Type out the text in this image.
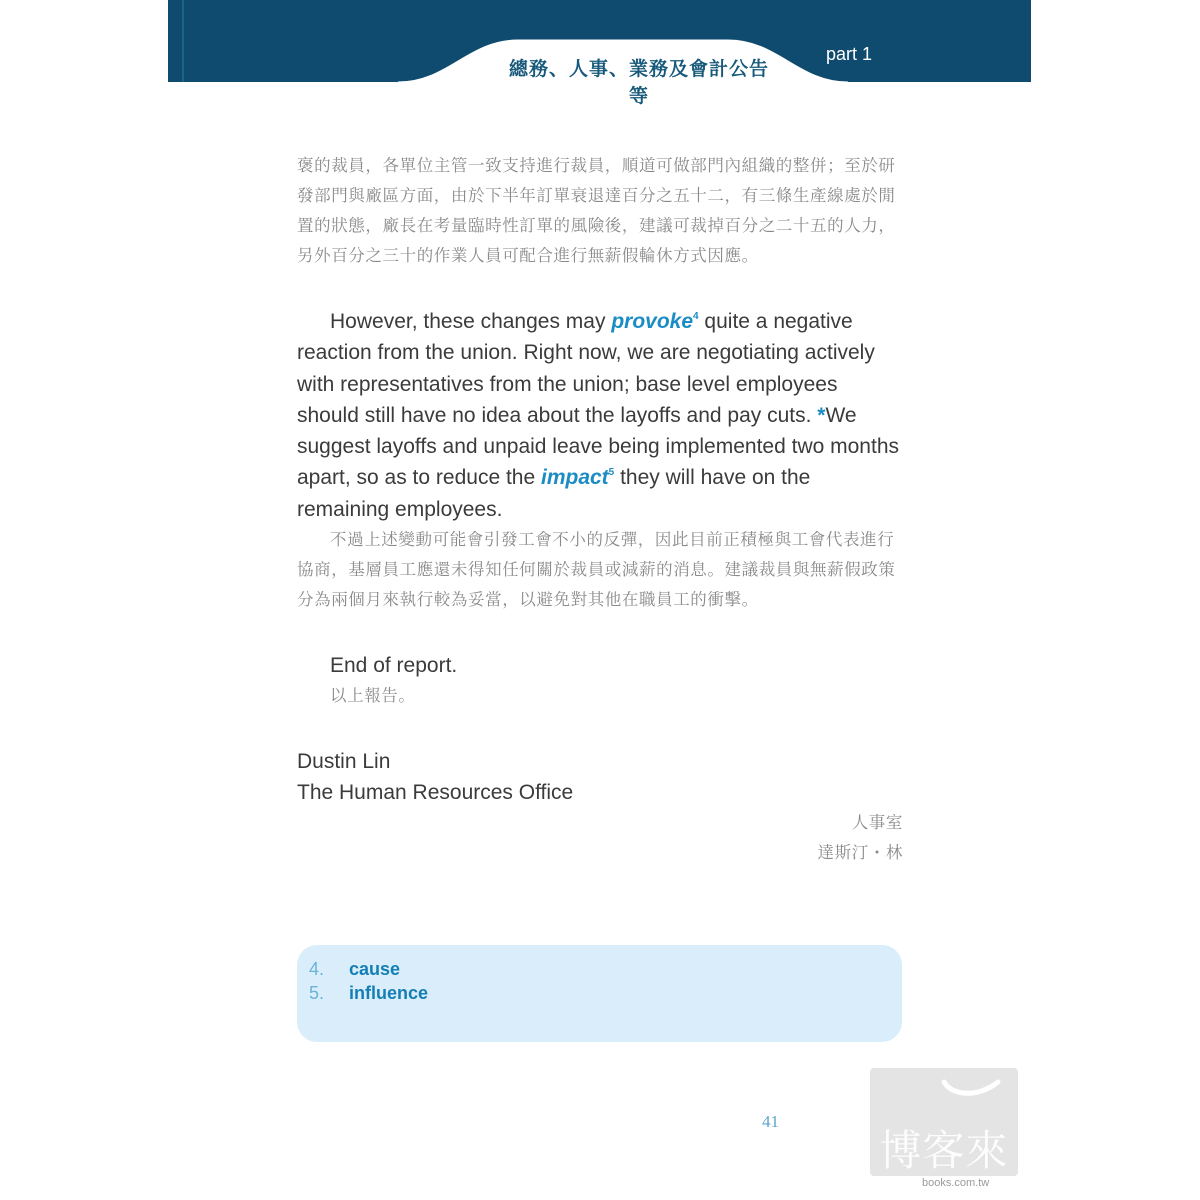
總務、人事、業務及會計公告等
part 1
褒的裁員，各單位主管一致支持進行裁員，順道可做部門內組織的整併；至於研發部門與廠區方面，由於下半年訂單衰退達百分之五十二，有三條生產線處於閒置的狀態，廠長在考量臨時性訂單的風險後，建議可裁掉百分之二十五的人力，另外百分之三十的作業人員可配合進行無薪假輪休方式因應。
However, these changes may provoke$^4$ quite a negative reaction from the union. Right now, we are negotiating actively with representatives from the union; base level employees should still have no idea about the layoffs and pay cuts. *We suggest layoffs and unpaid leave being implemented two months apart, so as to reduce the impact$^5$ they will have on the remaining employees.
不過上述變動可能會引發工會不小的反彈，因此目前正積極與工會代表進行協商，基層員工應還未得知任何關於裁員或減薪的消息。建議裁員與無薪假政策分為兩個月來執行較為妥當，以避免對其他在職員工的衝擊。
End of report.
以上報告。
Dustin Lin
The Human Resources Office
人事室
達斯汀・林
4. cause
5. influence
博客來
41
books.com.tw
